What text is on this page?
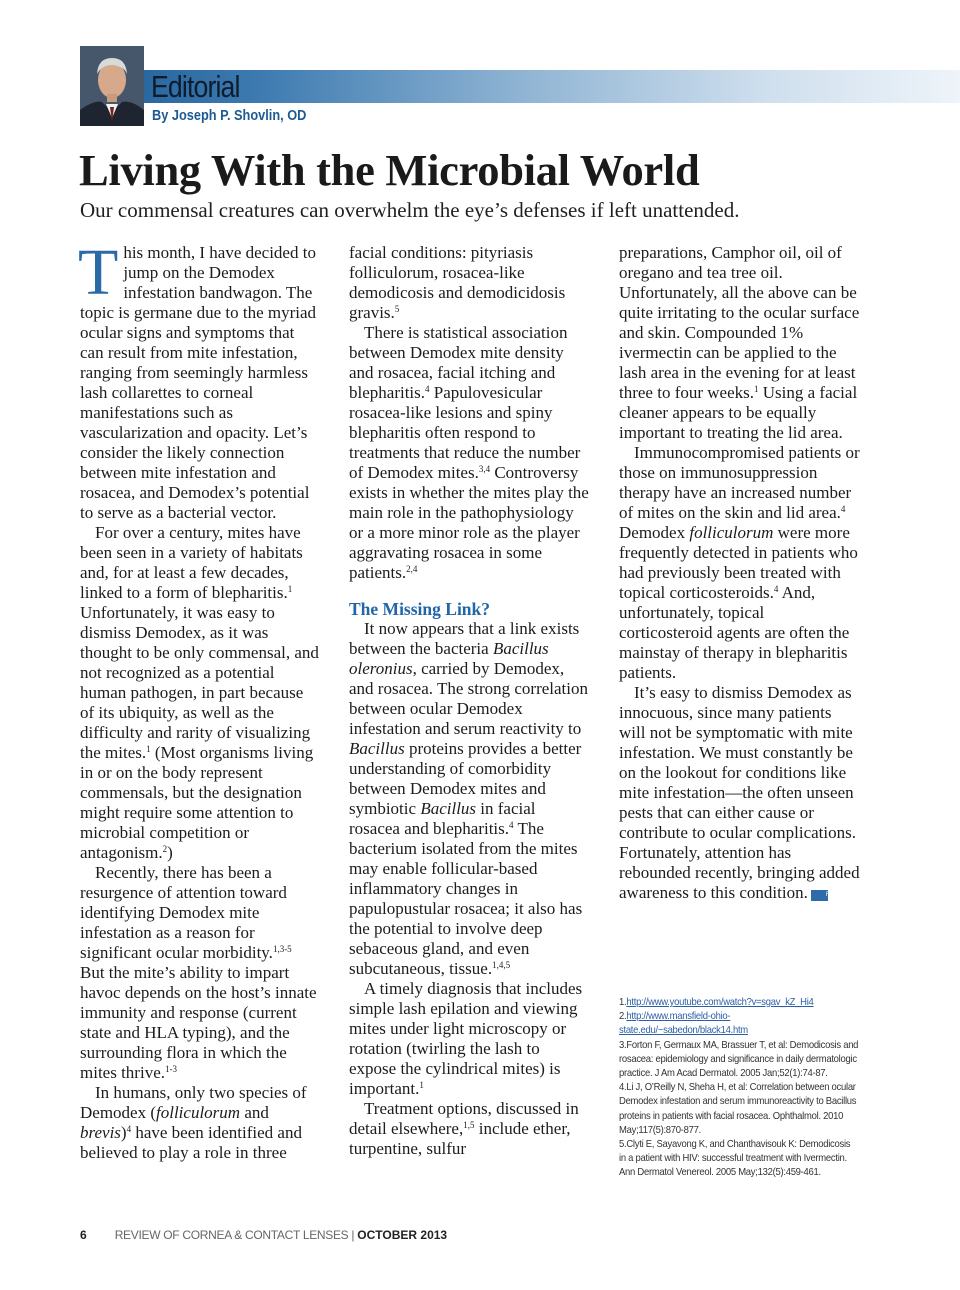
Editorial
By Joseph P. Shovlin, OD
Living With the Microbial World
Our commensal creatures can overwhelm the eye’s defenses if left unattended.

This month, I have decided to jump on the Demodex infestation bandwagon. The topic is germane due to the myriad ocular signs and symptoms that can result from mite infestation, ranging from seemingly harmless lash collarettes to corneal manifestations such as vascularization and opacity. Let’s consider the likely connection between mite infestation and rosacea, and Demodex’s potential to serve as a bacterial vector.

For over a century, mites have been seen in a variety of habitats and, for at least a few decades, linked to a form of blepharitis.$^1$ Unfortunately, it was easy to dismiss Demodex, as it was thought to be only commensal, and not recognized as a potential human pathogen, in part because of its ubiquity, as well as the difficulty and rarity of visualizing the mites.$^1$ (Most organisms living in or on the body represent commensals, but the designation might require some attention to microbial competition or antagonism.$^2$)

Recently, there has been a resurgence of attention toward identifying Demodex mite infestation as a reason for significant ocular morbidity.$^{1,3-5}$ But the mite’s ability to impart havoc depends on the host’s innate immunity and response (current state and HLA typing), and the surrounding flora in which the mites thrive.$^{1-3}$

In humans, only two species of Demodex (folliculorum and brevis)$^4$ have been identified and believed to play a role in three

facial conditions: pityriasis folliculorum, rosacea-like demodicosis and demodicidosis gravis.$^5$

There is statistical association between Demodex mite density and rosacea, facial itching and blepharitis.$^4$ Papulovesicular rosacea-like lesions and spiny blepharitis often respond to treatments that reduce the number of Demodex mites.$^{3,4}$ Controversy exists in whether the mites play the main role in the pathophysiology or a more minor role as the player aggravating rosacea in some patients.$^{2,4}$

The Missing Link?

It now appears that a link exists between the bacteria Bacillus oleronius, carried by Demodex, and rosacea. The strong correlation between ocular Demodex infestation and serum reactivity to Bacillus proteins provides a better understanding of comorbidity between Demodex mites and symbiotic Bacillus in facial rosacea and blepharitis.$^4$ The bacterium isolated from the mites may enable follicular-based inflammatory changes in papulopustular rosacea; it also has the potential to involve deep sebaceous gland, and even subcutaneous, tissue.$^{1,4,5}$

A timely diagnosis that includes simple lash epilation and viewing mites under light microscopy or rotation (twirling the lash to expose the cylindrical mites) is important.$^1$

Treatment options, discussed in detail elsewhere,$^{1,5}$ include ether, turpentine, sulfur

preparations, Camphor oil, oil of oregano and tea tree oil. Unfortunately, all the above can be quite irritating to the ocular surface and skin. Compounded 1% ivermectin can be applied to the lash area in the evening for at least three to four weeks.$^1$ Using a facial cleaner appears to be equally important to treating the lid area.

Immunocompromised patients or those on immunosuppression therapy have an increased number of mites on the skin and lid area.$^4$ Demodex folliculorum were more frequently detected in patients who had previously been treated with topical corticosteroids.$^4$ And, unfortunately, topical corticosteroid agents are often the mainstay of therapy in blepharitis patients.

It’s easy to dismiss Demodex as innocuous, since many patients will not be symptomatic with mite infestation. We must constantly be on the lookout for conditions like mite infestation—the often unseen pests that can either cause or contribute to ocular complications. Fortunately, attention has rebounded recently, bringing added awareness to this condition.	RCCL

1.http://www.youtube.com/watch?v=sgav_kZ_Hi4
2.http://www.mansfield-ohio-state.edu/~sabedon/black14.htm
3.Forton F, Germaux MA, Brassuer T, et al: Demodicosis and rosacea: epidemiology and significance in daily dermatologic practice. J Am Acad Dermatol. 2005 Jan;52(1):74-87.
4.Li J, O’Reilly N, Sheha H, et al: Correlation between ocular Demodex infestation and serum immunoreactivity to Bacillus proteins in patients with facial rosacea. Ophthalmol. 2010 May;117(5):870-877.
5.Clyti E, Sayavong K, and Chanthavisouk K: Demodicosis in a patient with HIV: successful treatment with Ivermectin. Ann Dermatol Venereol. 2005 May;132(5):459-461.
6 REVIEW OF CORNEA & CONTACT LENSES | OCTOBER 2013
